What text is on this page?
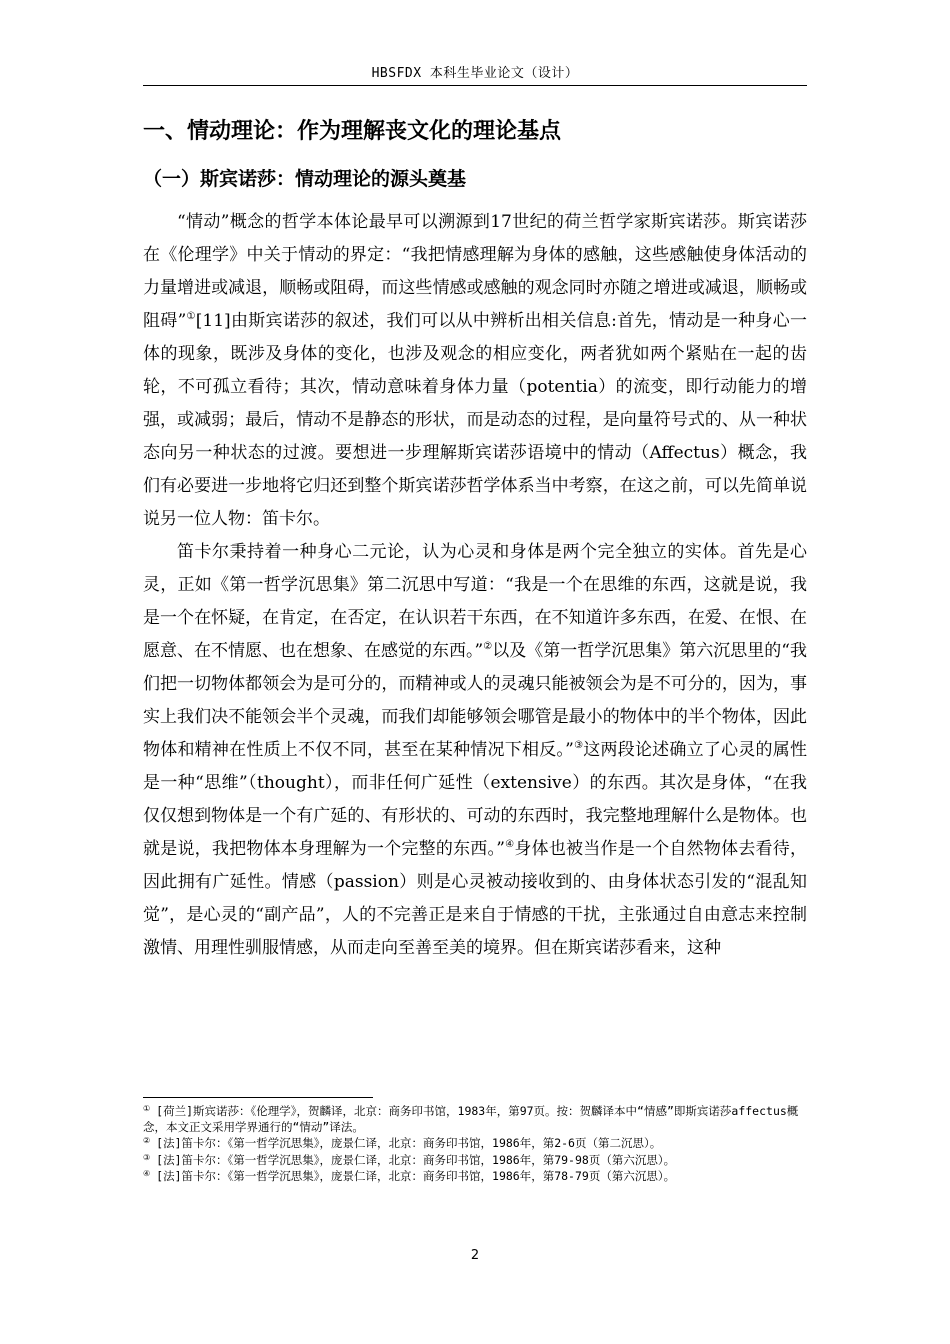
HBSFDX 本科生毕业论文（设计）
一、情动理论：作为理解丧文化的理论基点
（一）斯宾诺莎：情动理论的源头奠基

“情动”概念的哲学本体论最早可以溯源到17世纪的荷兰哲学家斯宾诺莎。斯宾诺莎在《伦理学》中关于情动的界定：“我把情感理解为身体的感触，这些感触使身体活动的力量增进或减退，顺畅或阻碍，而这些情感或感触的观念同时亦随之增进或减退，顺畅或阻碍”①[11]由斯宾诺莎的叙述，我们可以从中辨析出相关信息:首先，情动是一种身心一体的现象，既涉及身体的变化，也涉及观念的相应变化，两者犹如两个紧贴在一起的齿轮，不可孤立看待；其次，情动意味着身体力量（potentia）的流变，即行动能力的增强，或减弱；最后，情动不是静态的形状，而是动态的过程，是向量符号式的、从一种状态向另一种状态的过渡。要想进一步理解斯宾诺莎语境中的情动（Affectus）概念，我们有必要进一步地将它归还到整个斯宾诺莎哲学体系当中考察，在这之前，可以先简单说说另一位人物：笛卡尔。

笛卡尔秉持着一种身心二元论，认为心灵和身体是两个完全独立的实体。首先是心灵，正如《第一哲学沉思集》第二沉思中写道：“我是一个在思维的东西，这就是说，我是一个在怀疑，在肯定，在否定，在认识若干东西，在不知道许多东西，在爱、在恨、在愿意、在不情愿、也在想象、在感觉的东西。”②以及《第一哲学沉思集》第六沉思里的“我们把一切物体都领会为是可分的，而精神或人的灵魂只能被领会为是不可分的，因为，事实上我们决不能领会半个灵魂，而我们却能够领会哪管是最小的物体中的半个物体，因此物体和精神在性质上不仅不同，甚至在某种情况下相反。”③这两段论述确立了心灵的属性是一种“思维”（thought），而非任何广延性（extensive）的东西。其次是身体，“在我仅仅想到物体是一个有广延的、有形状的、可动的东西时，我完整地理解什么是物体。也就是说，我把物体本身理解为一个完整的东西。”④身体也被当作是一个自然物体去看待，因此拥有广延性。情感（passion）则是心灵被动接收到的、由身体状态引发的“混乱知觉”，是心灵的“副产品”，人的不完善正是来自于情感的干扰，主张通过自由意志来控制激情、用理性驯服情感，从而走向至善至美的境界。但在斯宾诺莎看来，这种

① [荷兰]斯宾诺莎：《伦理学》，贺麟译，北京：商务印书馆，1983年，第97页。按：贺麟译本中“情感”即斯宾诺莎affectus概念，本文正文采用学界通行的“情动”译法。
② [法]笛卡尔：《第一哲学沉思集》，庞景仁译，北京：商务印书馆，1986年，第2-6页（第二沉思）。
③ [法]笛卡尔：《第一哲学沉思集》，庞景仁译，北京：商务印书馆，1986年，第79-98页（第六沉思）。
④ [法]笛卡尔：《第一哲学沉思集》，庞景仁译，北京：商务印书馆，1986年，第78-79页（第六沉思）。
2
